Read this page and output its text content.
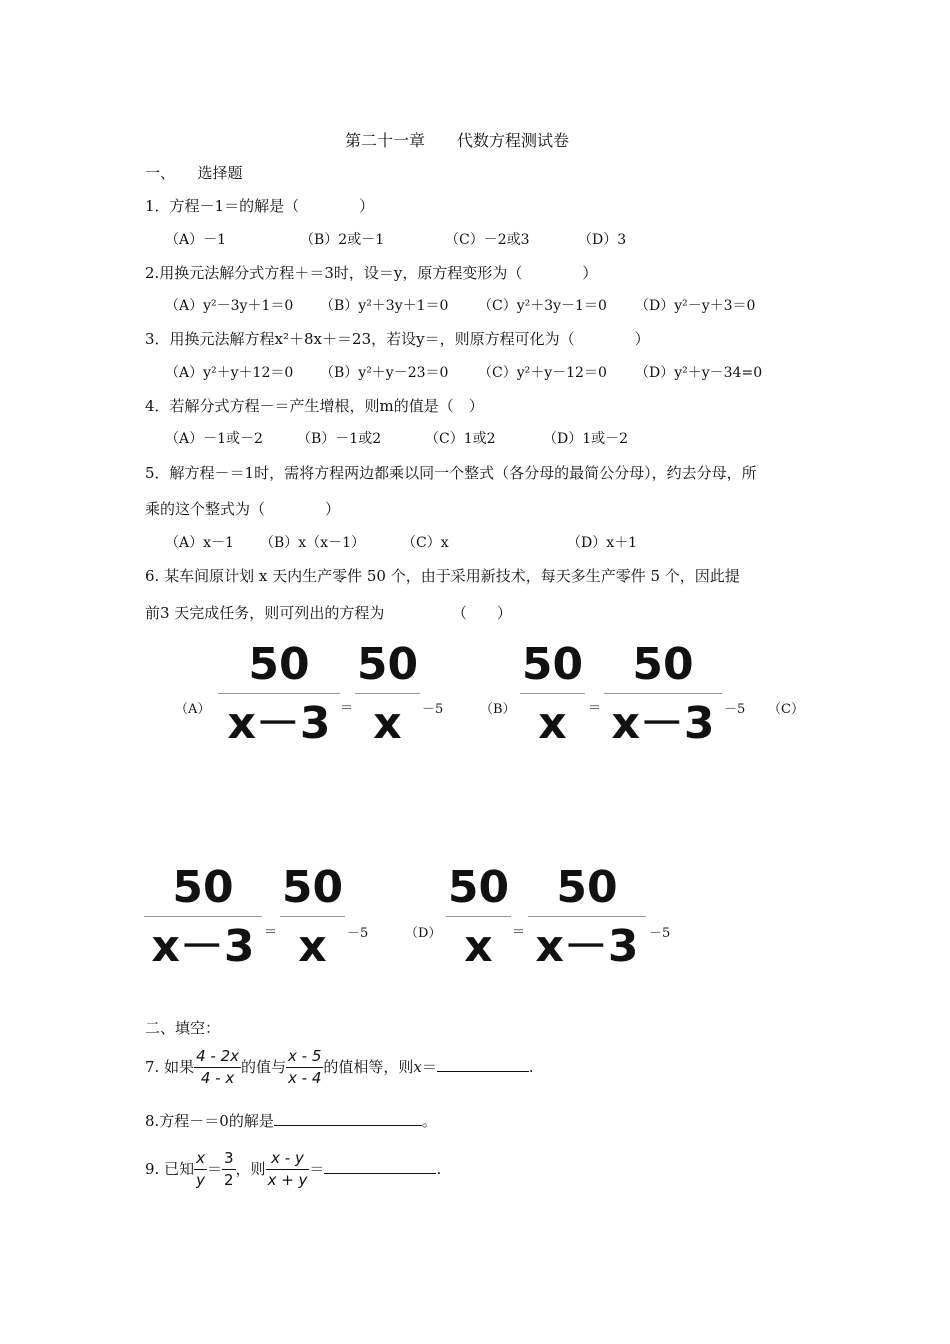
第二十一章　　代数方程测试卷
一、　　选择题
1．方程－1＝的解是（　　　　）
（A）－1	（B）2或－1	（C）－2或3	（D）3
2.用换元法解分式方程＋＝3时，设＝y，原方程变形为（　　　　）
（A）y²－3y＋1＝0 （B）y²＋3y＋1＝0 （C）y²＋3y－1＝0 （D）y²－y＋3＝0
3．用换元法解方程x²＋8x＋＝23，若设y＝，则原方程可化为（　　　　）
（A）y²＋y＋12＝0 （B）y²＋y－23＝0 （C）y²＋y－12＝0 （D）y²＋y－34=0
4．若解分式方程－＝产生增根，则m的值是（　）
（A）－1或－2 （B）－1或2	（C）1或2	（D）1或－2
5．解方程－＝1时，需将方程两边都乘以同一个整式（各分母的最简公分母），约去分母，所
乘的这个整式为（　　　　）
（A）x－1 （B）x（x－1）	（C）x	（D）x＋1
6. 某车间原计划 x 天内生产零件 50 个，由于采用新技术，每天多生产零件 5 个，因此提
前3 天完成任务，则可列出的方程为　　　　　（　　）
$(A) \frac{50}{x-3} = \frac{50}{x} -5$	$(B) \frac{50}{x} = \frac{50}{x-3} -5$ （C）
$\frac{50}{x-3} = \frac{50}{x} -5$	$(D) \frac{50}{x} = \frac{50}{x-3} -5$
二、填空：
7. 如果 $\frac{4 - 2x}{4 - x}$ 的值与 $\frac{x - 5}{x - 4}$ 的值相等，则x＝	.
8.方程－＝0的解是	。
9. 已知 $\frac{x}{y} = \frac{3}{2}$ ，则 $\frac{x - y}{x + y}$ ＝	.
